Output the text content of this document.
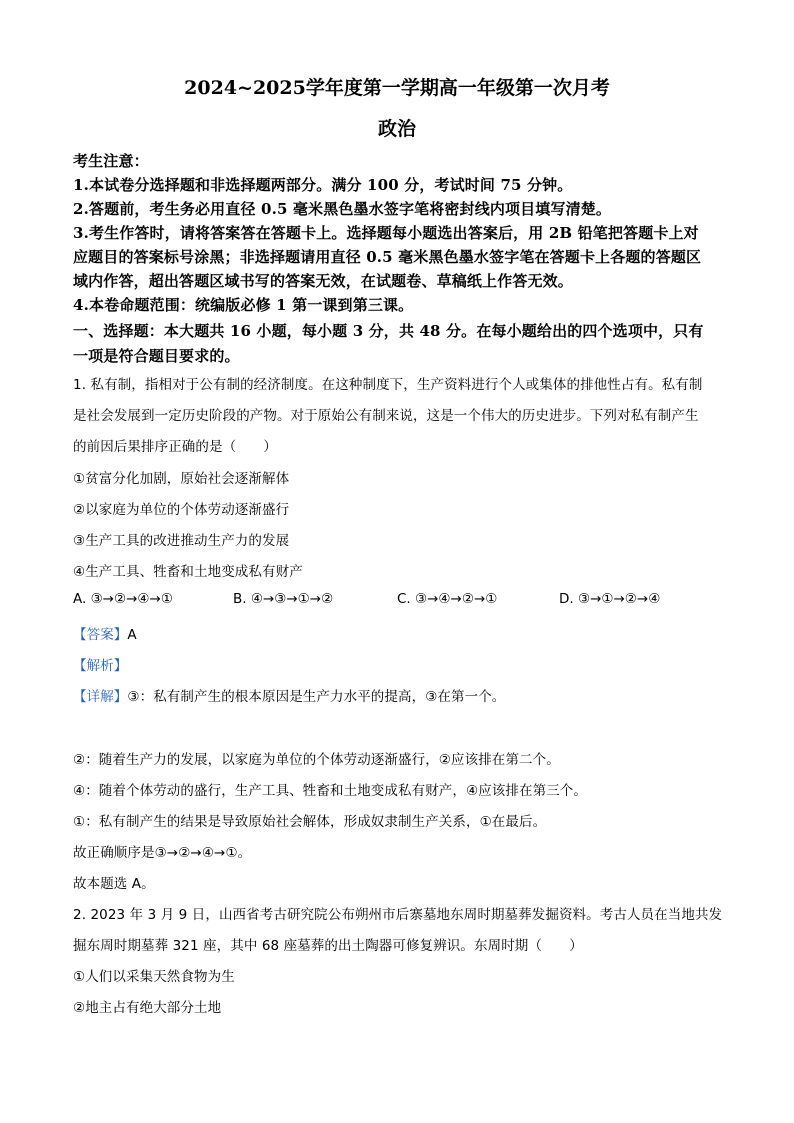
2024~2025学年度第一学期高一年级第一次月考
政治
考生注意：
1.本试卷分选择题和非选择题两部分。满分 100 分，考试时间 75 分钟。
2.答题前，考生务必用直径 0.5 毫米黑色墨水签字笔将密封线内项目填写清楚。
3.考生作答时，请将答案答在答题卡上。选择题每小题选出答案后，用 2B 铅笔把答题卡上对
应题目的答案标号涂黑；非选择题请用直径 0.5 毫米黑色墨水签字笔在答题卡上各题的答题区
域内作答，超出答题区域书写的答案无效，在试题卷、草稿纸上作答无效。
4.本卷命题范围：统编版必修 1 第一课到第三课。
一、选择题：本大题共 16 小题，每小题 3 分，共 48 分。在每小题给出的四个选项中，只有
一项是符合题目要求的。
1. 私有制，指相对于公有制的经济制度。在这种制度下，生产资料进行个人或集体的排他性占有。私有制
是社会发展到一定历史阶段的产物。对于原始公有制来说，这是一个伟大的历史进步。下列对私有制产生
的前因后果排序正确的是（　　）
①贫富分化加剧，原始社会逐渐解体
②以家庭为单位的个体劳动逐渐盛行
③生产工具的改进推动生产力的发展
④生产工具、牲畜和土地变成私有财产
A. ③→②→④→①	B. ④→③→①→②	C. ③→④→②→①	D. ③→①→②→④
【答案】A
【解析】
【详解】③：私有制产生的根本原因是生产力水平的提高，③在第一个。
②：随着生产力的发展，以家庭为单位的个体劳动逐渐盛行，②应该排在第二个。
④：随着个体劳动的盛行，生产工具、牲畜和土地变成私有财产，④应该排在第三个。
①：私有制产生的结果是导致原始社会解体，形成奴隶制生产关系，①在最后。
故正确顺序是③→②→④→①。
故本题选 A。
2. 2023 年 3 月 9 日，山西省考古研究院公布朔州市后寨墓地东周时期墓葬发掘资料。考古人员在当地共发
掘东周时期墓葬 321 座，其中 68 座墓葬的出土陶器可修复辨识。东周时期（　　）
①人们以采集天然食物为生
②地主占有绝大部分土地
